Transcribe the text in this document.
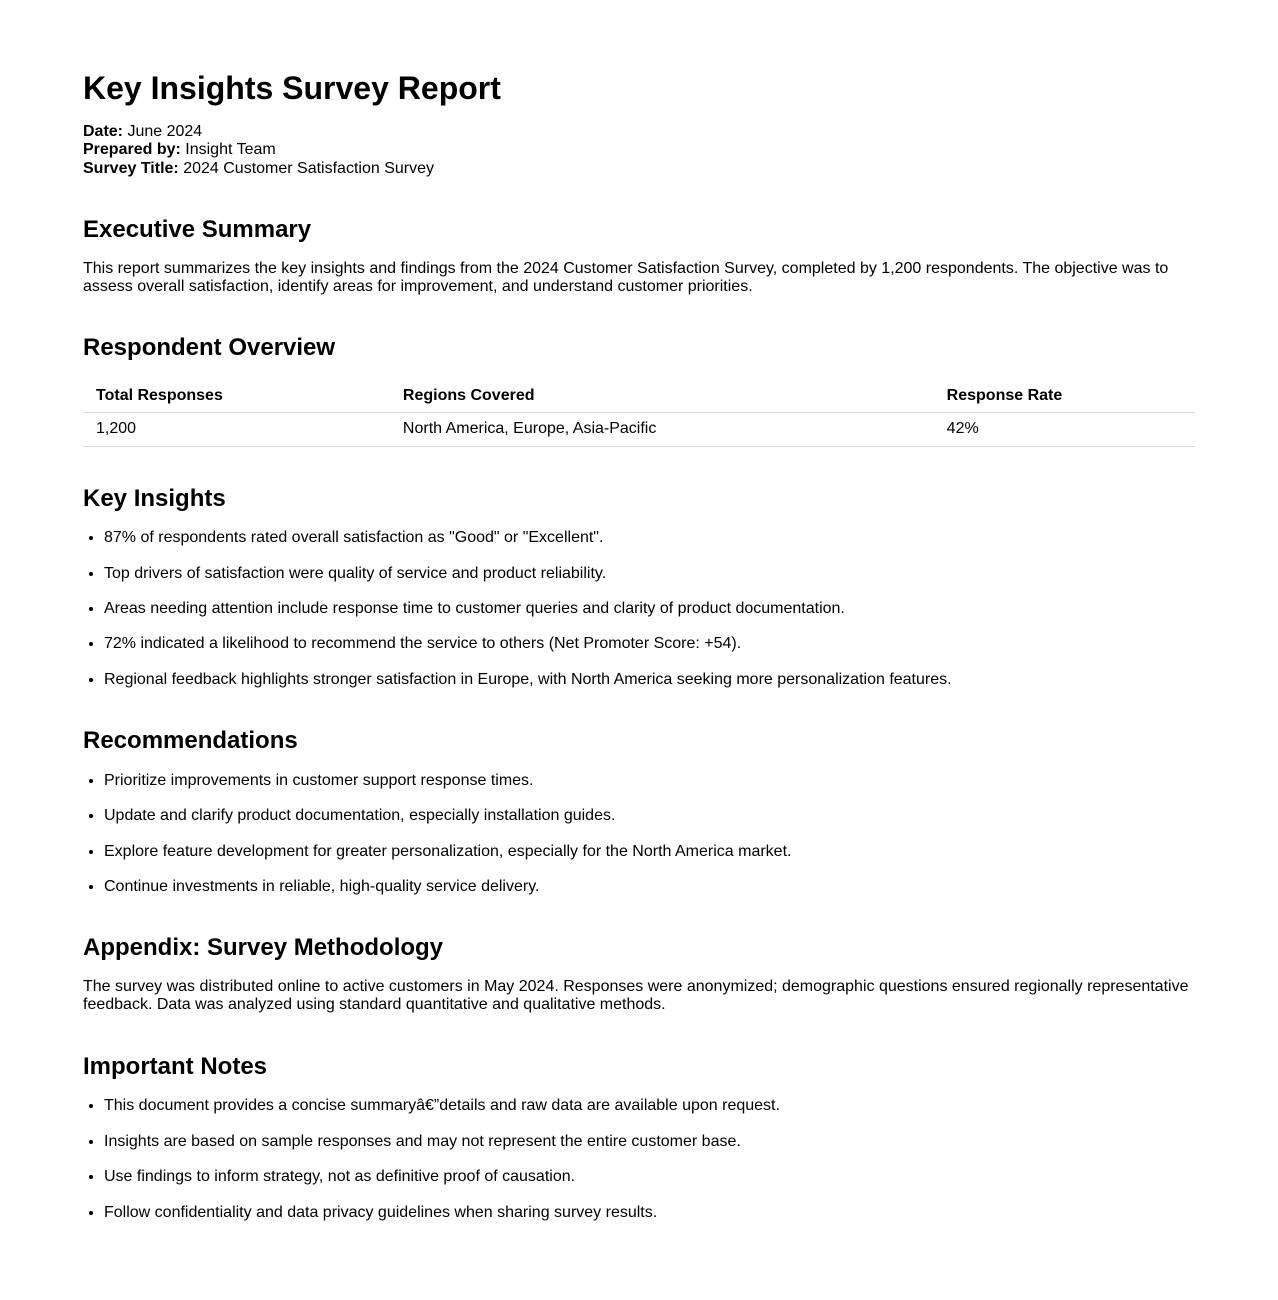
Key Insights Survey Report

Date: June 2024
Prepared by: Insight Team
Survey Title: 2024 Customer Satisfaction Survey

Executive Summary

This report summarizes the key insights and findings from the 2024 Customer Satisfaction Survey, completed by 1,200 respondents. The objective was to assess overall satisfaction, identify areas for improvement, and understand customer priorities.

Respondent Overview
Total Responses	Regions Covered	Response Rate
1,200	North America, Europe, Asia-Pacific	42%
Key Insights
• 87% of respondents rated overall satisfaction as "Good" or "Excellent".
• Top drivers of satisfaction were quality of service and product reliability.
• Areas needing attention include response time to customer queries and clarity of product documentation.
• 72% indicated a likelihood to recommend the service to others (Net Promoter Score: +54).
• Regional feedback highlights stronger satisfaction in Europe, with North America seeking more personalization features.
Recommendations
• Prioritize improvements in customer support response times.
• Update and clarify product documentation, especially installation guides.
• Explore feature development for greater personalization, especially for the North America market.
• Continue investments in reliable, high-quality service delivery.
Appendix: Survey Methodology

The survey was distributed online to active customers in May 2024. Responses were anonymized; demographic questions ensured regionally representative feedback. Data was analyzed using standard quantitative and qualitative methods.

Important Notes
• This document provides a concise summaryâ€”details and raw data are available upon request.
• Insights are based on sample responses and may not represent the entire customer base.
• Use findings to inform strategy, not as definitive proof of causation.
• Follow confidentiality and data privacy guidelines when sharing survey results.
